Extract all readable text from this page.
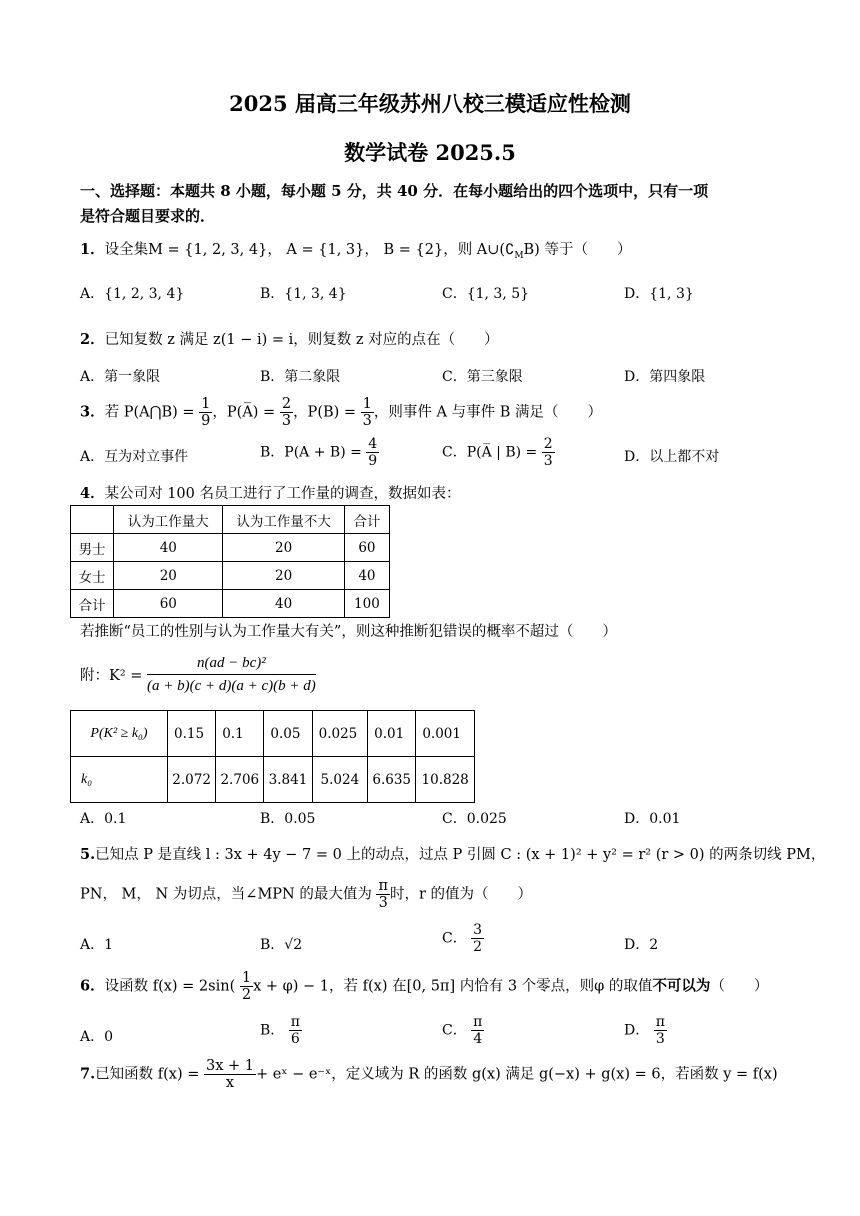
2025 届高三年级苏州八校三模适应性检测
数学试卷 2025.5
一、选择题：本题共 8 小题，每小题 5 分，共 40 分．在每小题给出的四个选项中，只有一项
是符合题目要求的．
1．设全集M = {1, 2, 3, 4}， A = {1, 3}， B = {2}，则 $A\cup(∁_MB)$ 等于（　　）
A．{1, 2, 3, 4}	B．{1, 3, 4}	C．{1, 3, 5}	D．{1, 3}
2．已知复数 z 满足 z(1 − i) = i，则复数 z 对应的点在（　　）
A．第一象限	B．第二象限	C．第三象限	D．第四象限
3．若 P(A⋂B) = $\frac{1}{9}$ ，P(A̅) = $\frac{2}{3}$ ，$P(B) = \frac{1}{3}$ ，则事件 A 与事件 B 满足（　　）
A．互为对立事件	B．$P(A + B) = \frac{4}{9}$	C．P(A̅ | $B) = \frac{2}{3}$	D．以上都不对
4．某公司对 100 名员工进行了工作量的调查，数据如表：
	认为工作量大	认为工作量不大	合计
男士	40	20	60
女士	20	20	40
合计	60	40	100
若推断“员工的性别与认为工作量大有关”，则这种推断犯错误的概率不超过（　　）
附：$K^2 = \frac{\text{n(ad − bc)²}}{(a + b)(c + d)(a + c)(b + d)}$
P(K² ≥ k₀)	0.15	0.1	0.05	0.025	0.01	0.001
k₀	2.072	2.706	3.841	5.024	6.635	10.828
A．0.1	B．0.05	C．0.025	D．0.01
5.已知点 P 是直线 l : 3x + 4y − 7 = 0 上的动点，过点 P 引圆 C : (x + 1)² + y² = r² (r > 0) 的两条切线 PM，
PN， M， N 为切点，当∠MPN 的最大值为 $\frac{\pi}{3}$ 时，r 的值为（　　）
A．1	B．√2	C． $\frac{3}{2}$	D．2
6．设函数 $f(x) = 2\sin( \frac{1}{2}$ x + φ) − 1，若 f(x) 在[0, 5π] 内恰有 3 个零点，则φ 的取值不可以为（　　）
A．0	B． $\frac{\pi}{6}$	C． $\frac{\pi}{4}$	D． $\frac{\pi}{3}$
7.已知函数 $f(x) = \frac{3x + 1}{x}$ + eˣ − e⁻ˣ，定义域为 R 的函数 g(x) 满足 g(−x) + g(x) = 6，若函数 y = f(x)
